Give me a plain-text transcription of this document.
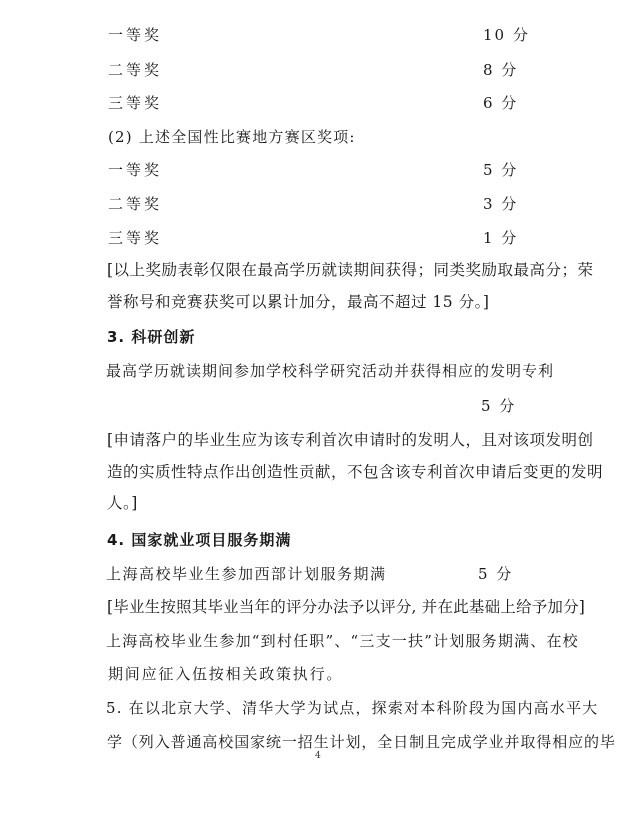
一等奖	10 分
二等奖	8 分
三等奖	6 分
(2) 上述全国性比赛地方赛区奖项:
一等奖	5 分
二等奖	3 分
三等奖	1 分
[以上奖励表彰仅限在最高学历就读期间获得；同类奖励取最高分；荣
誉称号和竞赛获奖可以累计加分，最高不超过 15 分。]
3. 科研创新
最高学历就读期间参加学校科学研究活动并获得相应的发明专利
5 分
[申请落户的毕业生应为该专利首次申请时的发明人，且对该项发明创
造的实质性特点作出创造性贡献，不包含该专利首次申请后变更的发明
人。]
4. 国家就业项目服务期满
上海高校毕业生参加西部计划服务期满	5 分
[毕业生按照其毕业当年的评分办法予以评分, 并在此基础上给予加分]
上海高校毕业生参加“到村任职”、“三支一扶”计划服务期满、在校
期间应征入伍按相关政策执行。
5. 在以北京大学、清华大学为试点，探索对本科阶段为国内高水平大
学（列入普通高校国家统一招生计划，全日制且完成学业并取得相应的毕
4
